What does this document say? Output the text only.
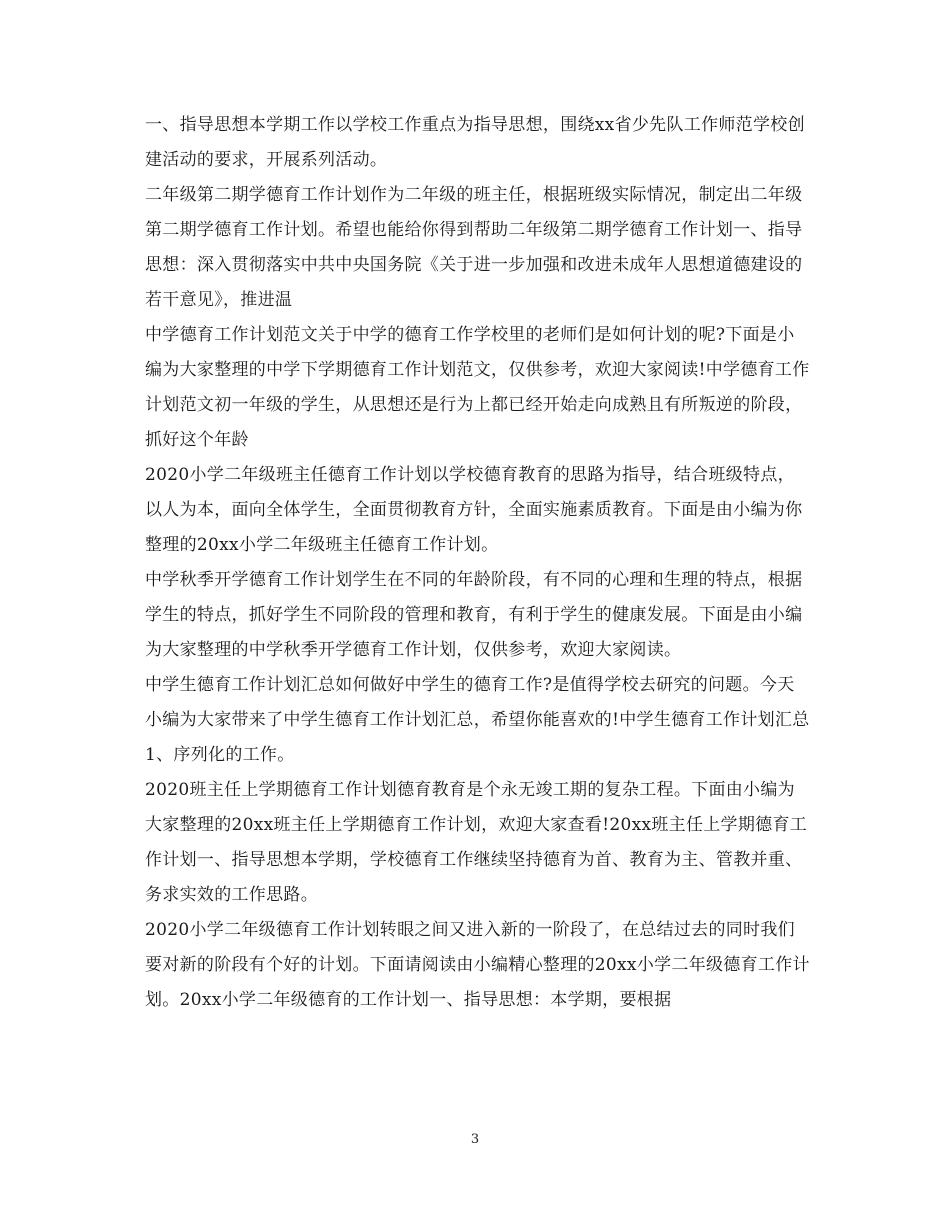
一、指导思想本学期工作以学校工作重点为指导思想，围绕xx省少先队工作师范学校创建活动的要求，开展系列活动。

二年级第二期学德育工作计划作为二年级的班主任，根据班级实际情况，制定出二年级第二期学德育工作计划。希望也能给你得到帮助二年级第二期学德育工作计划一、指导思想：深入贯彻落实中共中央国务院《关于进一步加强和改进未成年人思想道德建设的若干意见》，推进温

中学德育工作计划范文关于中学的德育工作学校里的老师们是如何计划的呢?下面是小编为大家整理的中学下学期德育工作计划范文，仅供参考，欢迎大家阅读!中学德育工作计划范文初一年级的学生，从思想还是行为上都已经开始走向成熟且有所叛逆的阶段，抓好这个年龄

2020小学二年级班主任德育工作计划以学校德育教育的思路为指导，结合班级特点，以人为本，面向全体学生，全面贯彻教育方针，全面实施素质教育。下面是由小编为你整理的20xx小学二年级班主任德育工作计划。

中学秋季开学德育工作计划学生在不同的年龄阶段，有不同的心理和生理的特点，根据学生的特点，抓好学生不同阶段的管理和教育，有利于学生的健康发展。下面是由小编为大家整理的中学秋季开学德育工作计划，仅供参考，欢迎大家阅读。

中学生德育工作计划汇总如何做好中学生的德育工作?是值得学校去研究的问题。今天小编为大家带来了中学生德育工作计划汇总，希望你能喜欢的!中学生德育工作计划汇总1、序列化的工作。

2020班主任上学期德育工作计划德育教育是个永无竣工期的复杂工程。下面由小编为大家整理的20xx班主任上学期德育工作计划，欢迎大家查看!20xx班主任上学期德育工作计划一、指导思想本学期，学校德育工作继续坚持德育为首、教育为主、管教并重、务求实效的工作思路。

2020小学二年级德育工作计划转眼之间又进入新的一阶段了，在总结过去的同时我们要对新的阶段有个好的计划。下面请阅读由小编精心整理的20xx小学二年级德育工作计划。20xx小学二年级德育的工作计划一、指导思想：本学期，要根据

3
